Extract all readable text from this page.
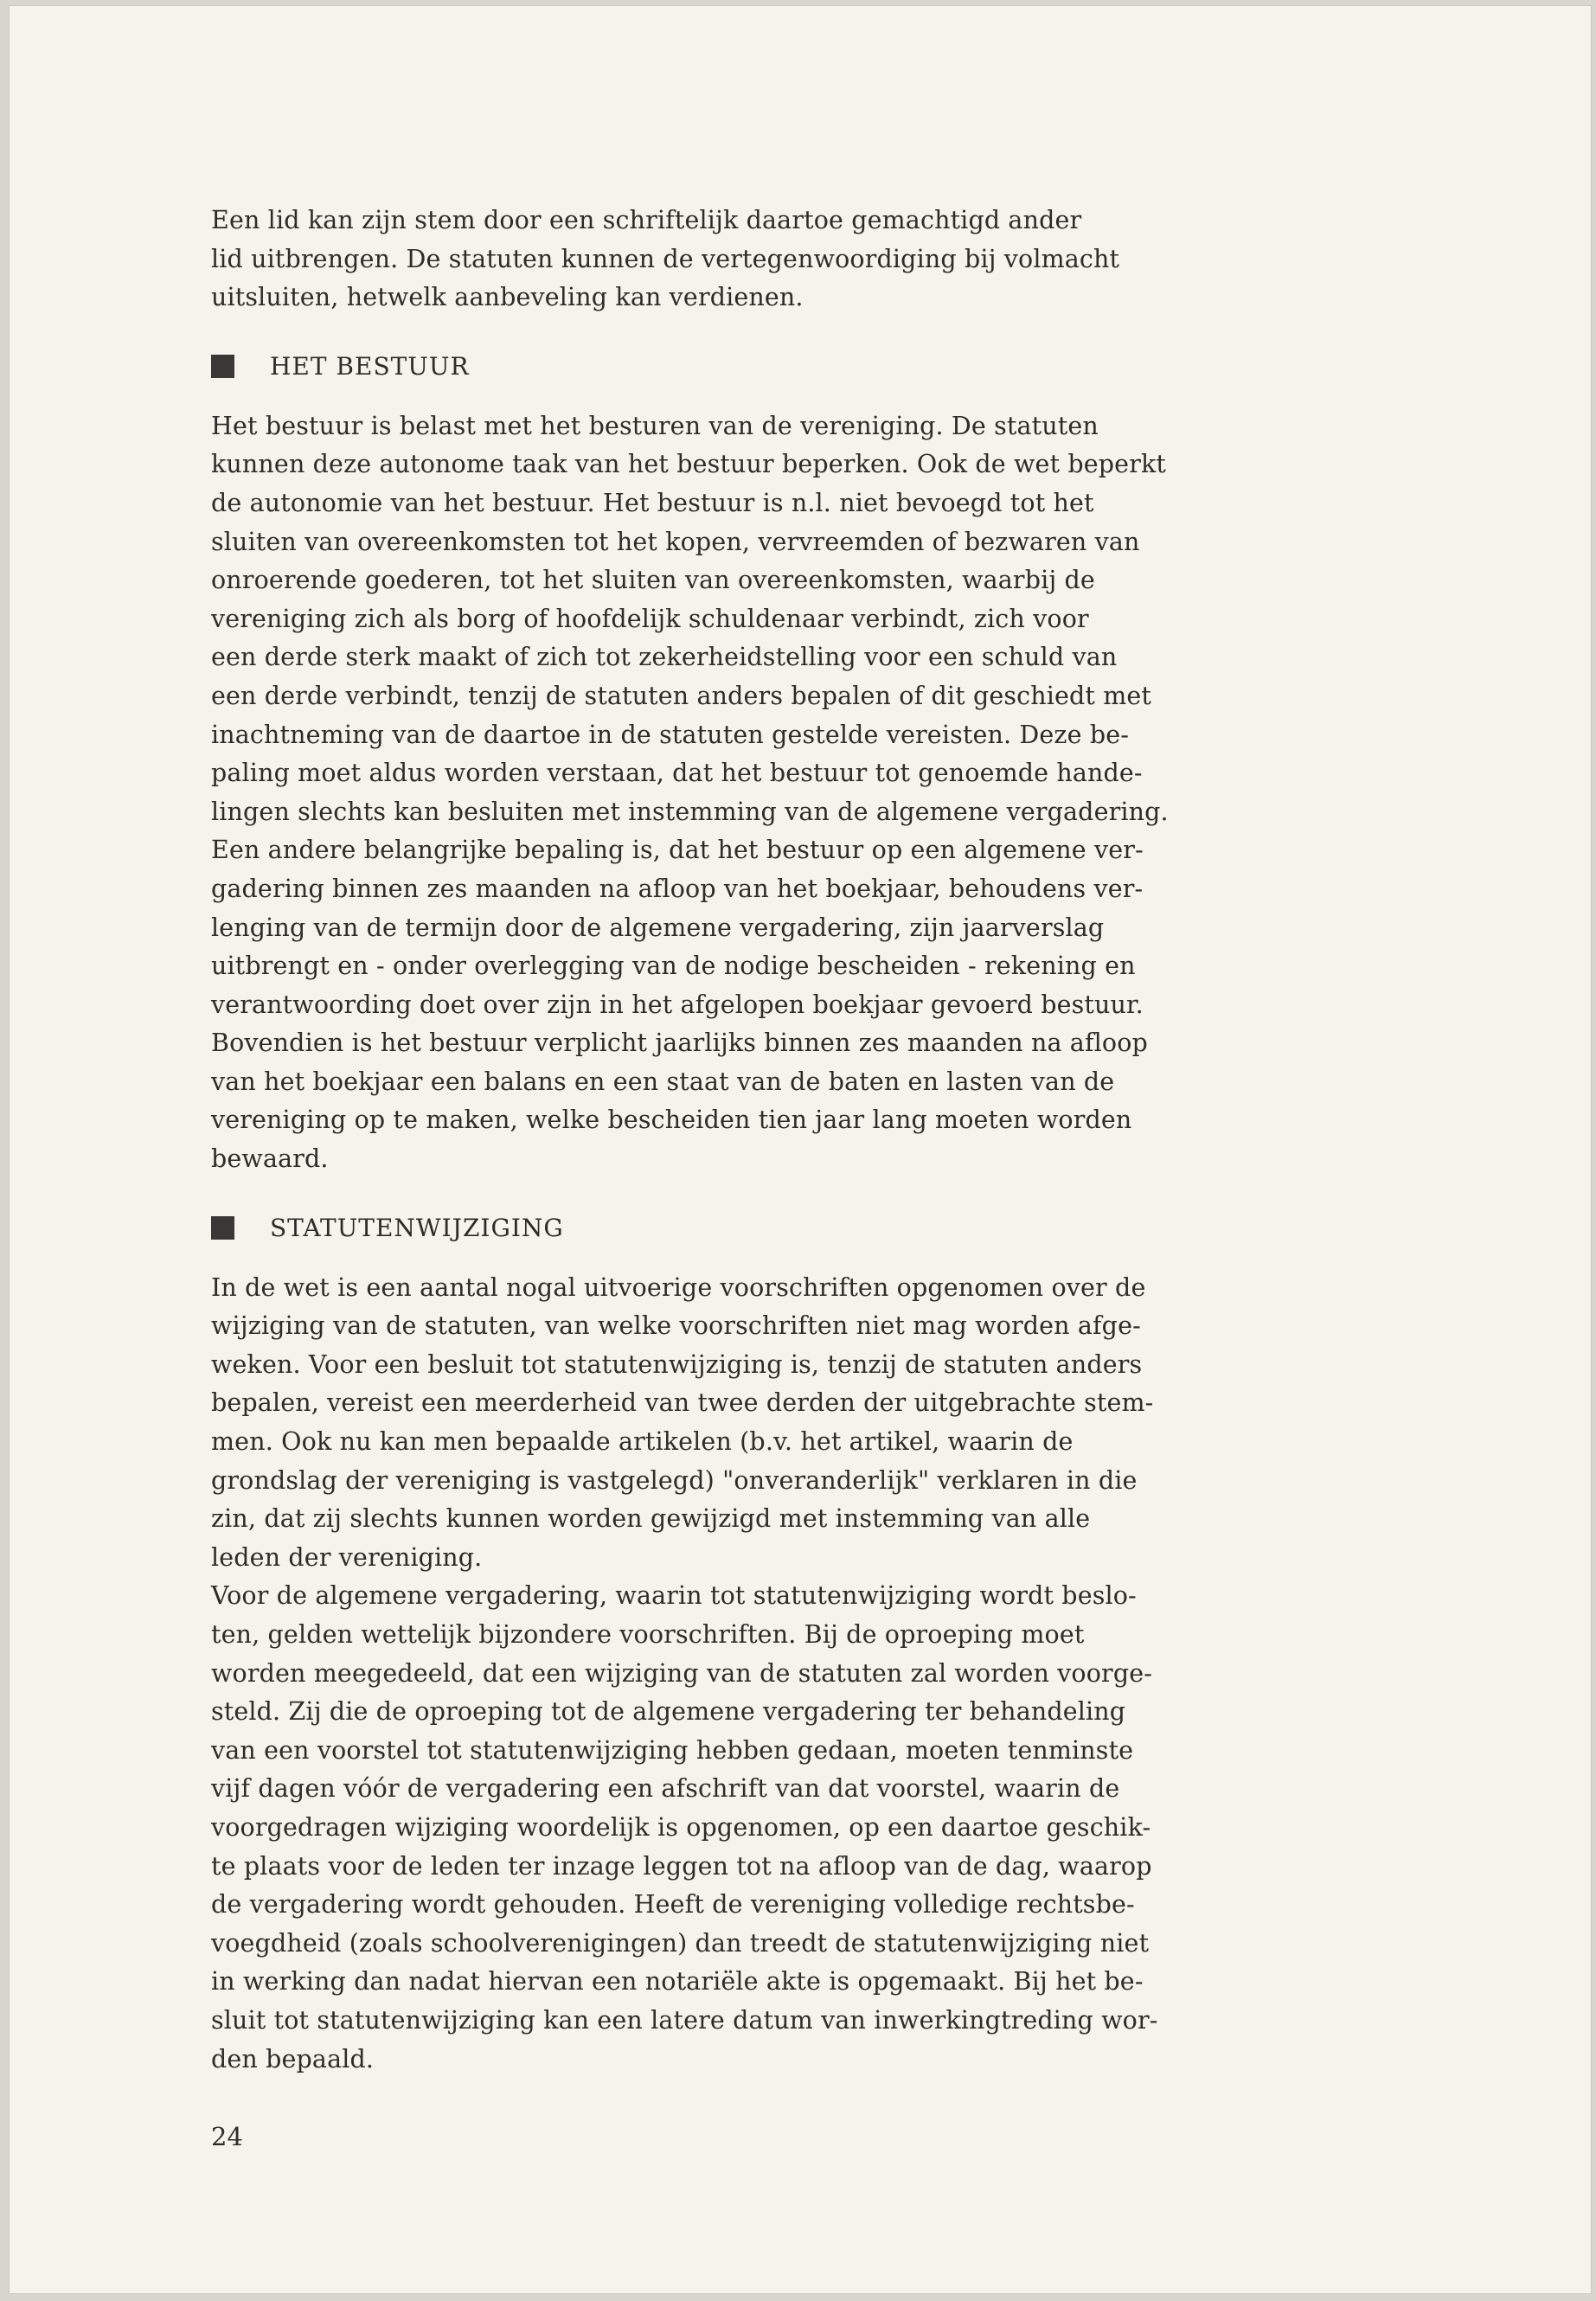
Een lid kan zijn stem door een schriftelijk daartoe gemachtigd ander
lid uitbrengen. De statuten kunnen de vertegenwoordiging bij volmacht
uitsluiten, hetwelk aanbeveling kan verdienen.

HET BESTUUR

Het bestuur is belast met het besturen van de vereniging. De statuten
kunnen deze autonome taak van het bestuur beperken. Ook de wet beperkt
de autonomie van het bestuur. Het bestuur is n.l. niet bevoegd tot het
sluiten van overeenkomsten tot het kopen, vervreemden of bezwaren van
onroerende goederen, tot het sluiten van overeenkomsten, waarbij de
vereniging zich als borg of hoofdelijk schuldenaar verbindt, zich voor
een derde sterk maakt of zich tot zekerheidstelling voor een schuld van
een derde verbindt, tenzij de statuten anders bepalen of dit geschiedt met
inachtneming van de daartoe in de statuten gestelde vereisten. Deze be-
paling moet aldus worden verstaan, dat het bestuur tot genoemde hande-
lingen slechts kan besluiten met instemming van de algemene vergadering.
Een andere belangrijke bepaling is, dat het bestuur op een algemene ver-
gadering binnen zes maanden na afloop van het boekjaar, behoudens ver-
lenging van de termijn door de algemene vergadering, zijn jaarverslag
uitbrengt en - onder overlegging van de nodige bescheiden - rekening en
verantwoording doet over zijn in het afgelopen boekjaar gevoerd bestuur.
Bovendien is het bestuur verplicht jaarlijks binnen zes maanden na afloop
van het boekjaar een balans en een staat van de baten en lasten van de
vereniging op te maken, welke bescheiden tien jaar lang moeten worden
bewaard.

STATUTENWIJZIGING

In de wet is een aantal nogal uitvoerige voorschriften opgenomen over de
wijziging van de statuten, van welke voorschriften niet mag worden afge-
weken. Voor een besluit tot statutenwijziging is, tenzij de statuten anders
bepalen, vereist een meerderheid van twee derden der uitgebrachte stem-
men. Ook nu kan men bepaalde artikelen (b.v. het artikel, waarin de
grondslag der vereniging is vastgelegd) "onveranderlijk" verklaren in die
zin, dat zij slechts kunnen worden gewijzigd met instemming van alle
leden der vereniging.
Voor de algemene vergadering, waarin tot statutenwijziging wordt beslo-
ten, gelden wettelijk bijzondere voorschriften. Bij de oproeping moet
worden meegedeeld, dat een wijziging van de statuten zal worden voorge-
steld. Zij die de oproeping tot de algemene vergadering ter behandeling
van een voorstel tot statutenwijziging hebben gedaan, moeten tenminste
vijf dagen vóór de vergadering een afschrift van dat voorstel, waarin de
voorgedragen wijziging woordelijk is opgenomen, op een daartoe geschik-
te plaats voor de leden ter inzage leggen tot na afloop van de dag, waarop
de vergadering wordt gehouden. Heeft de vereniging volledige rechtsbe-
voegdheid (zoals schoolverenigingen) dan treedt de statutenwijziging niet
in werking dan nadat hiervan een notariële akte is opgemaakt. Bij het be-
sluit tot statutenwijziging kan een latere datum van inwerkingtreding wor-
den bepaald.

24
